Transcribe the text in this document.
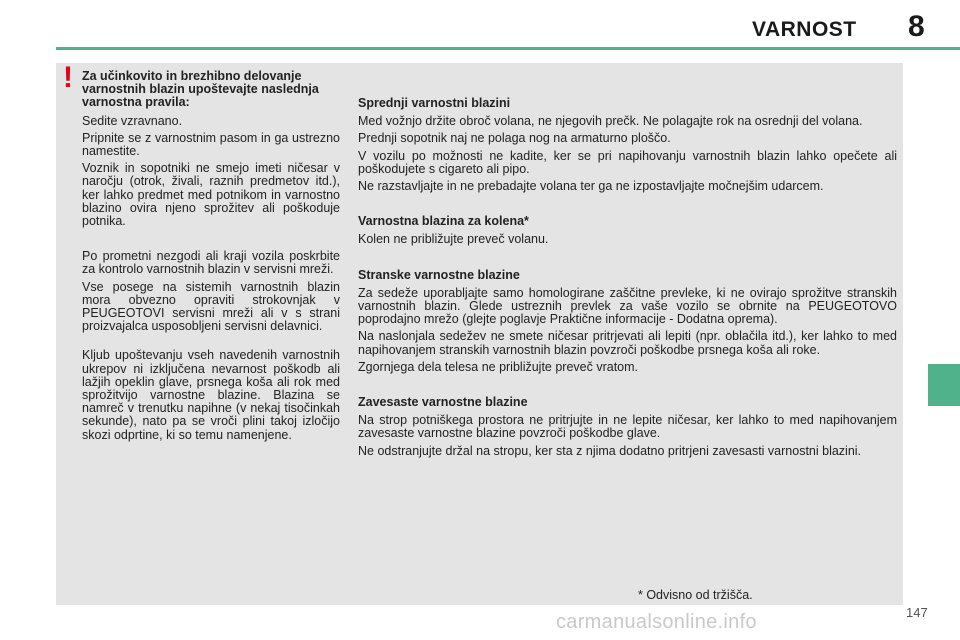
VARNOST 8
! Za učinkovito in brezhibno delovanje varnostnih blazin upoštevajte naslednja varnostna pravila:

Sedite vzravnano.

Pripnite se z varnostnim pasom in ga ustrezno namestite.

Voznik in sopotniki ne smejo imeti ničesar v naročju (otrok, živali, raznih predmetov itd.), ker lahko predmet med potnikom in varnostno blazino ovira njeno sprožitev ali poškoduje potnika.

Po prometni nezgodi ali kraji vozila poskrbite za kontrolo varnostnih blazin v servisni mreži.

Vse posege na sistemih varnostnih blazin mora obvezno opraviti strokovnjak v PEUGEOTOVI servisni mreži ali v s strani proizvajalca usposobljeni servisni delavnici.

Kljub upoštevanju vseh navedenih varnostnih ukrepov ni izključena nevarnost poškodb ali lažjih opeklin glave, prsnega koša ali rok med sprožitvijo varnostne blazine. Blazina se namreč v trenutku napihne (v nekaj tisočinkah sekunde), nato pa se vroči plini takoj izločijo skozi odprtine, ki so temu namenjene.

Sprednji varnostni blazini

Med vožnjo držite obroč volana, ne njegovih prečk. Ne polagajte rok na osrednji del volana.

Prednji sopotnik naj ne polaga nog na armaturno ploščo.

V vozilu po možnosti ne kadite, ker se pri napihovanju varnostnih blazin lahko opečete ali poškodujete s cigareto ali pipo.

Ne razstavljajte in ne prebadajte volana ter ga ne izpostavljajte močnejšim udarcem.

Varnostna blazina za kolena*

Kolen ne približujte preveč volanu.

Stranske varnostne blazine

Za sedeže uporabljajte samo homologirane zaščitne prevleke, ki ne ovirajo sprožitve stranskih varnostnih blazin. Glede ustreznih prevlek za vaše vozilo se obrnite na PEUGEOTOVO poprodajno mrežo (glejte poglavje Praktične informacije - Dodatna oprema).

Na naslonjala sedežev ne smete ničesar pritrjevati ali lepiti (npr. oblačila itd.), ker lahko to med napihovanjem stranskih varnostnih blazin povzroči poškodbe prsnega koša ali roke.

Zgornjega dela telesa ne približujte preveč vratom.

Zavesaste varnostne blazine

Na strop potniškega prostora ne pritrjujte in ne lepite ničesar, ker lahko to med napihovanjem zavesaste varnostne blazine povzroči poškodbe glave.

Ne odstranjujte držal na stropu, ker sta z njima dodatno pritrjeni zavesasti varnostni blazini.

* Odvisno od tržišča.
carmanualsonline.info	147
